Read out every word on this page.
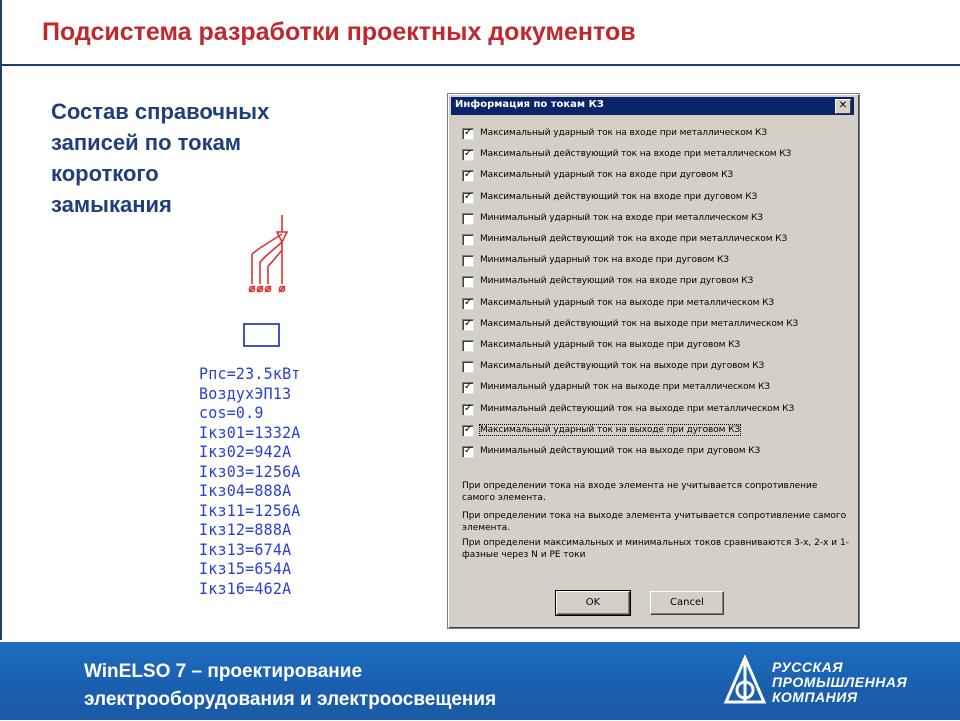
Подсистема разработки проектных документов
Состав справочных
записей по токам
короткого
замыкания
Рпс=23.5кВт
ВоздухЭП13
cos=0.9
Iкз01=1332А
Iкз02=942А
Iкз03=1256А
Iкз04=888А
Iкз11=1256А
Iкз12=888А
Iкз13=674А
Iкз15=654А
Iкз16=462А
Информация по токам КЗ	✕
✓ Максимальный ударный ток на входе при металлическом КЗ
✓ Максимальный действующий ток на входе при металлическом КЗ
✓ Максимальный ударный ток на входе при дуговом КЗ
✓ Максимальный действующий ток на входе при дуговом КЗ
Минимальный ударный ток на входе при металлическом КЗ
Минимальный действующий ток на входе при металлическом КЗ
Минимальный ударный ток на входе при дуговом КЗ
Минимальный действующий ток на входе при дуговом КЗ
✓ Максимальный ударный ток на выходе при металлическом КЗ
✓ Максимальный действующий ток на выходе при металлическом КЗ
Максимальный ударный ток на выходе при дуговом КЗ
Максимальный действующий ток на выходе при дуговом КЗ
✓ Минимальный ударный ток на выходе при металлическом КЗ
✓ Минимальный действующий ток на выходе при металлическом КЗ
✓ Максимальный ударный ток на выходе при дуговом КЗ
✓ Минимальный действующий ток на выходе при дуговом КЗ
При определении тока на входе элемента не учитывается сопротивление самого элемента.
При определении тока на выходе элемента учитывается сопротивление самого элемента.
При определени максимальных и минимальных токов сравниваются 3-х, 2-х и 1-фазные через N и PE токи
OK	Cancel
WinELSO 7 – проектирование
электрооборудования и электроосвещения
РУССКАЯ
ПРОМЫШЛЕННАЯ
КОМПАНИЯ
